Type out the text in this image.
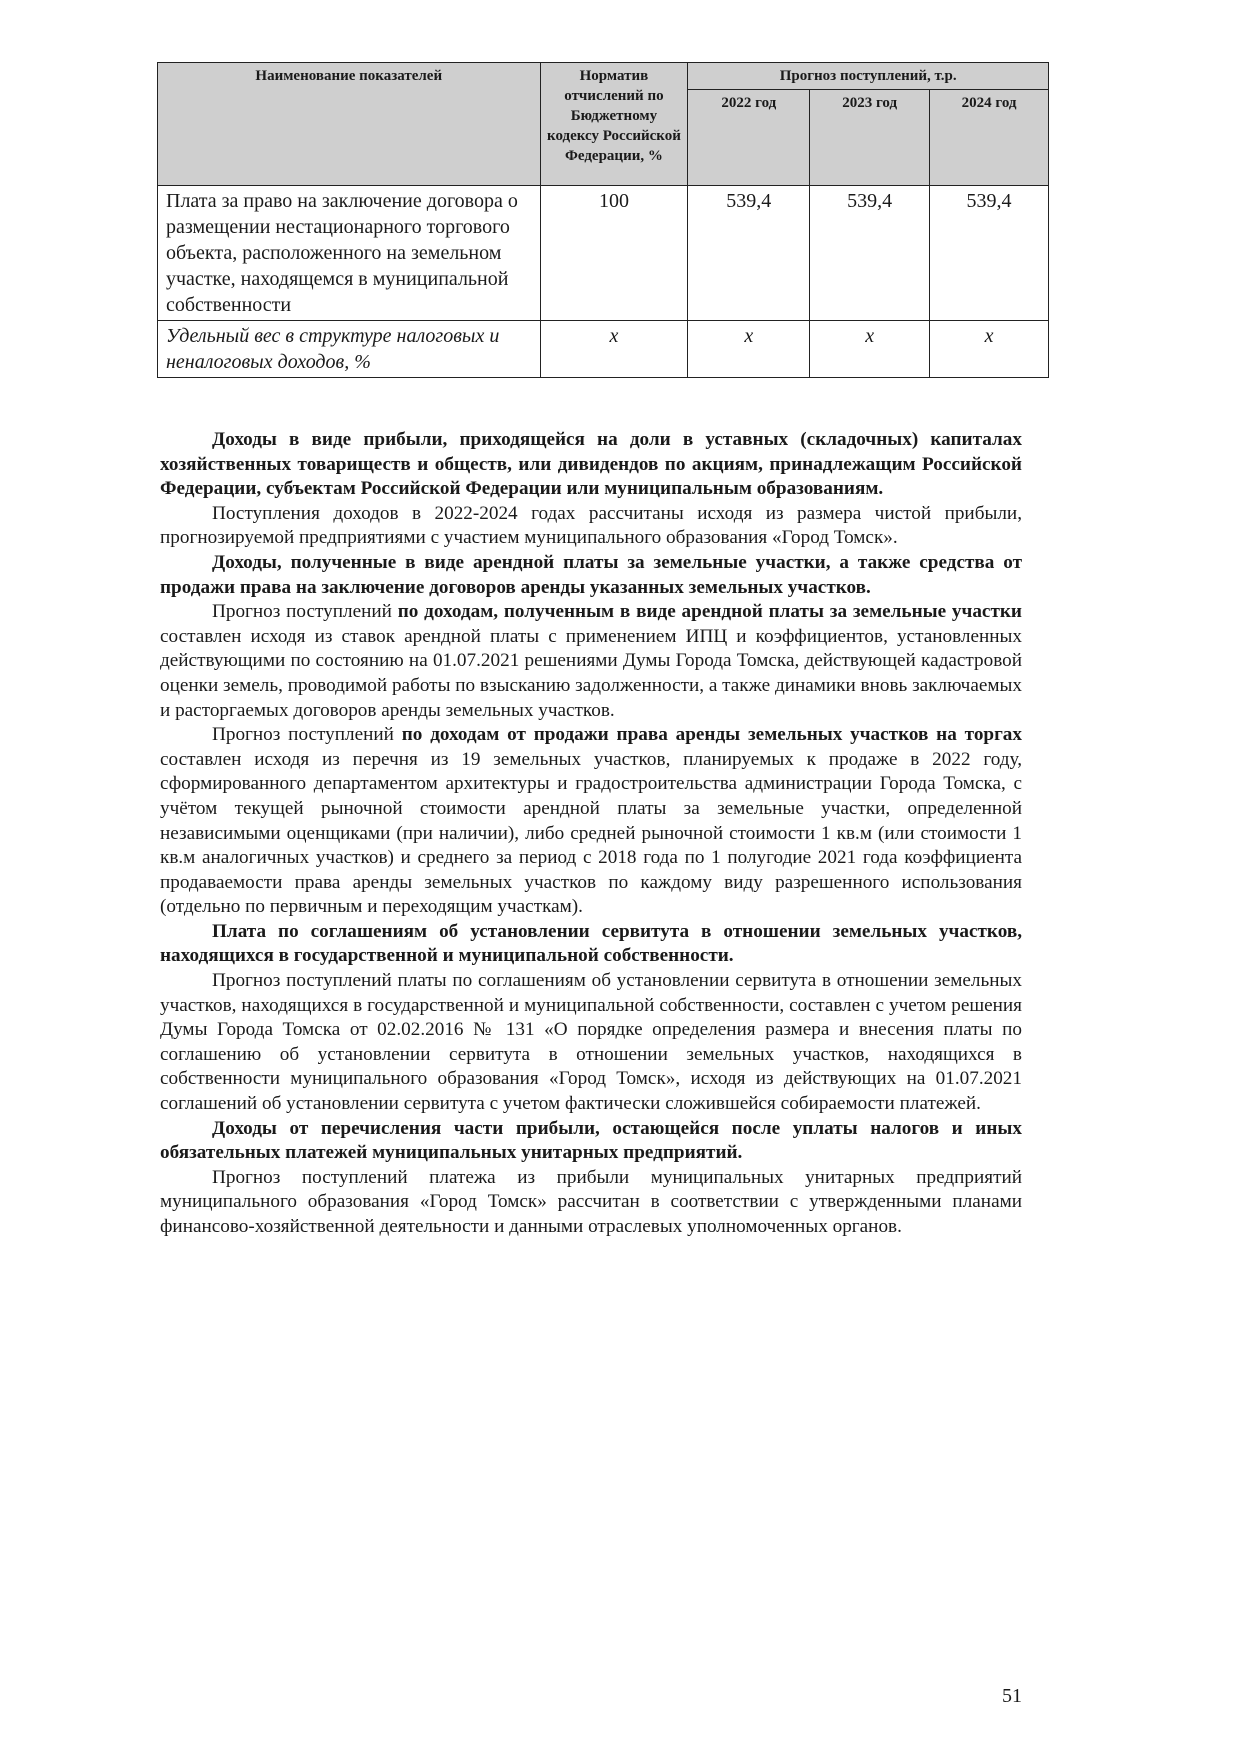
Наименование показателей	Норматив отчислений по Бюджетному кодексу Российской Федерации, %	Прогноз поступлений, т.р.		
		2022 год	2023 год	2024 год
Плата за право на заключение договора о размещении нестационарного торгового объекта, расположенного на земельном участке, находящемся в муниципальной собственности	100	539,4	539,4	539,4
Удельный вес в структуре налоговых и неналоговых доходов, %	x	x	x	x

Доходы в виде прибыли, приходящейся на доли в уставных (складочных) капиталах хозяйственных товариществ и обществ, или дивидендов по акциям, принадлежащим Российской Федерации, субъектам Российской Федерации или муниципальным образованиям.

Поступления доходов в 2022-2024 годах рассчитаны исходя из размера чистой прибыли, прогнозируемой предприятиями с участием муниципального образования «Город Томск».

Доходы, полученные в виде арендной платы за земельные участки, а также средства от продажи права на заключение договоров аренды указанных земельных участков.

Прогноз поступлений по доходам, полученным в виде арендной платы за земельные участки составлен исходя из ставок арендной платы с применением ИПЦ и коэффициентов, установленных действующими по состоянию на 01.07.2021 решениями Думы Города Томска, действующей кадастровой оценки земель, проводимой работы по взысканию задолженности, а также динамики вновь заключаемых и расторгаемых договоров аренды земельных участков.

Прогноз поступлений по доходам от продажи права аренды земельных участков на торгах составлен исходя из перечня из 19 земельных участков, планируемых к продаже в 2022 году, сформированного департаментом архитектуры и градостроительства администрации Города Томска, с учётом текущей рыночной стоимости арендной платы за земельные участки, определенной независимыми оценщиками (при наличии), либо средней рыночной стоимости 1 кв.м (или стоимости 1 кв.м аналогичных участков) и среднего за период с 2018 года по 1 полугодие 2021 года коэффициента продаваемости права аренды земельных участков по каждому виду разрешенного использования (отдельно по первичным и переходящим участкам).

Плата по соглашениям об установлении сервитута в отношении земельных участков, находящихся в государственной и муниципальной собственности.

Прогноз поступлений платы по соглашениям об установлении сервитута в отношении земельных участков, находящихся в государственной и муниципальной собственности, составлен с учетом решения Думы Города Томска от 02.02.2016 № 131 «О порядке определения размера и внесения платы по соглашению об установлении сервитута в отношении земельных участков, находящихся в собственности муниципального образования «Город Томск», исходя из действующих на 01.07.2021 соглашений об установлении сервитута с учетом фактически сложившейся собираемости платежей.

Доходы от перечисления части прибыли, остающейся после уплаты налогов и иных обязательных платежей муниципальных унитарных предприятий.

Прогноз поступлений платежа из прибыли муниципальных унитарных предприятий муниципального образования «Город Томск» рассчитан в соответствии с утвержденными планами финансово-хозяйственной деятельности и данными отраслевых уполномоченных органов.

51
